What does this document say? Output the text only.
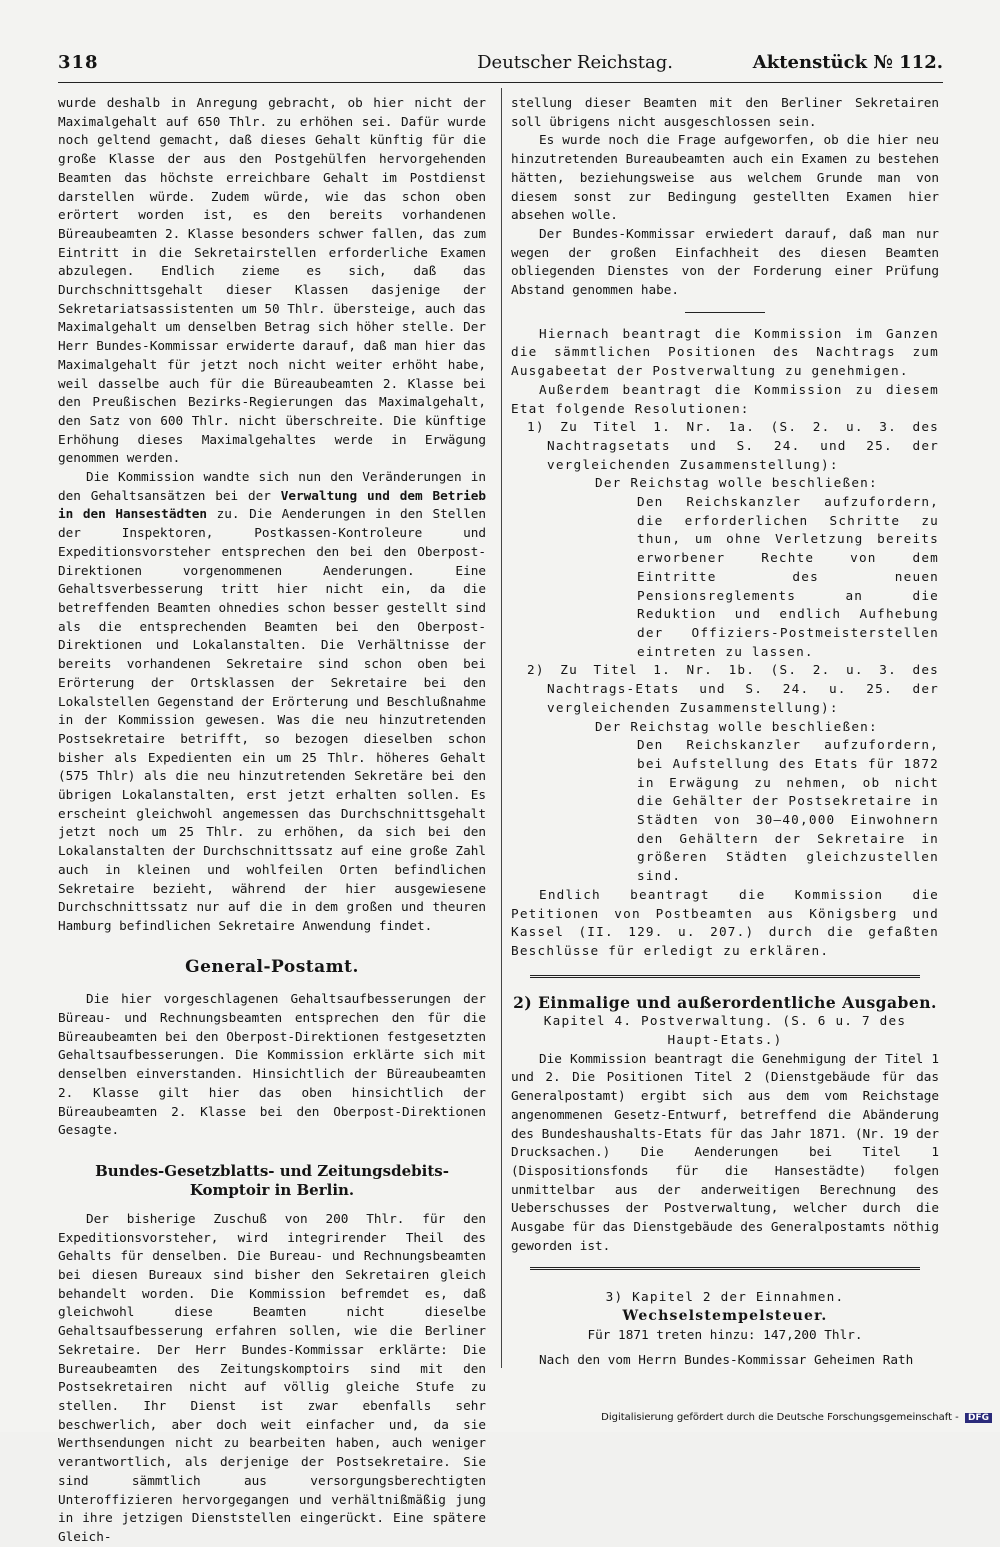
318	Deutscher Reichstag.	Aktenstück № 112.

wurde deshalb in Anregung gebracht, ob hier nicht der Maximalgehalt auf 650 Thlr. zu erhöhen sei. Dafür wurde noch geltend gemacht, daß dieses Gehalt künftig für die große Klasse der aus den Postgehülfen hervorgehenden Beamten das höchste erreichbare Gehalt im Postdienst darstellen würde. Zudem würde, wie das schon oben erörtert worden ist, es den bereits vorhandenen Büreaubeamten 2. Klasse besonders schwer fallen, das zum Eintritt in die Sekretairstellen erforderliche Examen abzulegen. Endlich zieme es sich, daß das Durchschnittsgehalt dieser Klassen dasjenige der Sekretariatsassistenten um 50 Thlr. übersteige, auch das Maximalgehalt um denselben Betrag sich höher stelle. Der Herr Bundes-Kommissar erwiderte darauf, daß man hier das Maximalgehalt für jetzt noch nicht weiter erhöht habe, weil dasselbe auch für die Büreaubeamten 2. Klasse bei den Preußischen Bezirks-Regierungen das Maximalgehalt, den Satz von 600 Thlr. nicht überschreite. Die künftige Erhöhung dieses Maximalgehaltes werde in Erwägung genommen werden.

Die Kommission wandte sich nun den Veränderungen in den Gehaltsansätzen bei der Verwaltung und dem Betrieb in den Hansestädten zu. Die Aenderungen in den Stellen der Inspektoren, Postkassen-Kontroleure und Expeditionsvorsteher entsprechen den bei den Oberpost-Direktionen vorgenommenen Aenderungen. Eine Gehaltsverbesserung tritt hier nicht ein, da die betreffenden Beamten ohnedies schon besser gestellt sind als die entsprechenden Beamten bei den Oberpost-Direktionen und Lokalanstalten. Die Verhältnisse der bereits vorhandenen Sekretaire sind schon oben bei Erörterung der Ortsklassen der Sekretaire bei den Lokalstellen Gegenstand der Erörterung und Beschlußnahme in der Kommission gewesen. Was die neu hinzutretenden Postsekretaire betrifft, so bezogen dieselben schon bisher als Expedienten ein um 25 Thlr. höheres Gehalt (575 Thlr) als die neu hinzutretenden Sekretäre bei den übrigen Lokalanstalten, erst jetzt erhalten sollen. Es erscheint gleichwohl angemessen das Durchschnittsgehalt jetzt noch um 25 Thlr. zu erhöhen, da sich bei den Lokalanstalten der Durchschnittssatz auf eine große Zahl auch in kleinen und wohlfeilen Orten befindlichen Sekretaire bezieht, während der hier ausgewiesene Durchschnittssatz nur auf die in dem großen und theuren Hamburg befindlichen Sekretaire Anwendung findet.

General-Postamt.

Die hier vorgeschlagenen Gehaltsaufbesserungen der Büreau- und Rechnungsbeamten entsprechen den für die Büreaubeamten bei den Oberpost-Direktionen festgesetzten Gehaltsaufbesserungen. Die Kommission erklärte sich mit denselben einverstanden. Hinsichtlich der Büreaubeamten 2. Klasse gilt hier das oben hinsichtlich der Büreaubeamten 2. Klasse bei den Oberpost-Direktionen Gesagte.

Bundes-Gesetzblatts- und Zeitungsdebits-Komptoir in Berlin.

Der bisherige Zuschuß von 200 Thlr. für den Expeditionsvorsteher, wird integrirender Theil des Gehalts für denselben. Die Bureau- und Rechnungsbeamten bei diesen Bureaux sind bisher den Sekretairen gleich behandelt worden. Die Kommission befremdet es, daß gleichwohl diese Beamten nicht dieselbe Gehaltsaufbesserung erfahren sollen, wie die Berliner Sekretaire. Der Herr Bundes-Kommissar erklärte: Die Bureaubeamten des Zeitungskomptoirs sind mit den Postsekretairen nicht auf völlig gleiche Stufe zu stellen. Ihr Dienst ist zwar ebenfalls sehr beschwerlich, aber doch weit einfacher und, da sie Werthsendungen nicht zu bearbeiten haben, auch weniger verantwortlich, als derjenige der Postsekretaire. Sie sind sämmtlich aus versorgungsberechtigten Unteroffizieren hervorgegangen und verhältnißmäßig jung in ihre jetzigen Dienststellen eingerückt. Eine spätere Gleich-

stellung dieser Beamten mit den Berliner Sekretairen soll übrigens nicht ausgeschlossen sein.

Es wurde noch die Frage aufgeworfen, ob die hier neu hinzutretenden Bureaubeamten auch ein Examen zu bestehen hätten, beziehungsweise aus welchem Grunde man von diesem sonst zur Bedingung gestellten Examen hier absehen wolle.

Der Bundes-Kommissar erwiedert darauf, daß man nur wegen der großen Einfachheit des diesen Beamten obliegenden Dienstes von der Forderung einer Prüfung Abstand genommen habe.

Hiernach beantragt die Kommission im Ganzen die sämmtlichen Positionen des Nachtrags zum Ausgabeetat der Postverwaltung zu genehmigen.

Außerdem beantragt die Kommission zu diesem Etat folgende Resolutionen:

1) Zu Titel 1. Nr. 1a. (S. 2. u. 3. des Nachtragsetats und S. 24. und 25. der vergleichenden Zusammenstellung):

Der Reichstag wolle beschließen:

Den Reichskanzler aufzufordern, die erforderlichen Schritte zu thun, um ohne Verletzung bereits erworbener Rechte von dem Eintritte des neuen Pensionsreglements an die Reduktion und endlich Aufhebung der Offiziers-Postmeisterstellen eintreten zu lassen.

2) Zu Titel 1. Nr. 1b. (S. 2. u. 3. des Nachtrags-Etats und S. 24. u. 25. der vergleichenden Zusammenstellung):

Der Reichstag wolle beschließen:

Den Reichskanzler aufzufordern, bei Aufstellung des Etats für 1872 in Erwägung zu nehmen, ob nicht die Gehälter der Postsekretaire in Städten von 30—40,000 Einwohnern den Gehältern der Sekretaire in größeren Städten gleichzustellen sind.

Endlich beantragt die Kommission die Petitionen von Postbeamten aus Königsberg und Kassel (II. 129. u. 207.) durch die gefaßten Beschlüsse für erledigt zu erklären.

2) Einmalige und außerordentliche Ausgaben.

Kapitel 4. Postverwaltung. (S. 6 u. 7 des Haupt-Etats.)

Die Kommission beantragt die Genehmigung der Titel 1 und 2. Die Positionen Titel 2 (Dienstgebäude für das Generalpostamt) ergibt sich aus dem vom Reichstage angenommenen Gesetz-Entwurf, betreffend die Abänderung des Bundeshaushalts-Etats für das Jahr 1871. (Nr. 19 der Drucksachen.) Die Aenderungen bei Titel 1 (Dispositionsfonds für die Hansestädte) folgen unmittelbar aus der anderweitigen Berechnung des Ueberschusses der Postverwaltung, welcher durch die Ausgabe für das Dienstgebäude des Generalpostamts nöthig geworden ist.

3) Kapitel 2 der Einnahmen. Wechselstempelsteuer.

Für 1871 treten hinzu: 147,200 Thlr.

Nach den vom Herrn Bundes-Kommissar Geheimen Rath

Digitalisierung gefördert durch die Deutsche Forschungsgemeinschaft - DFG
